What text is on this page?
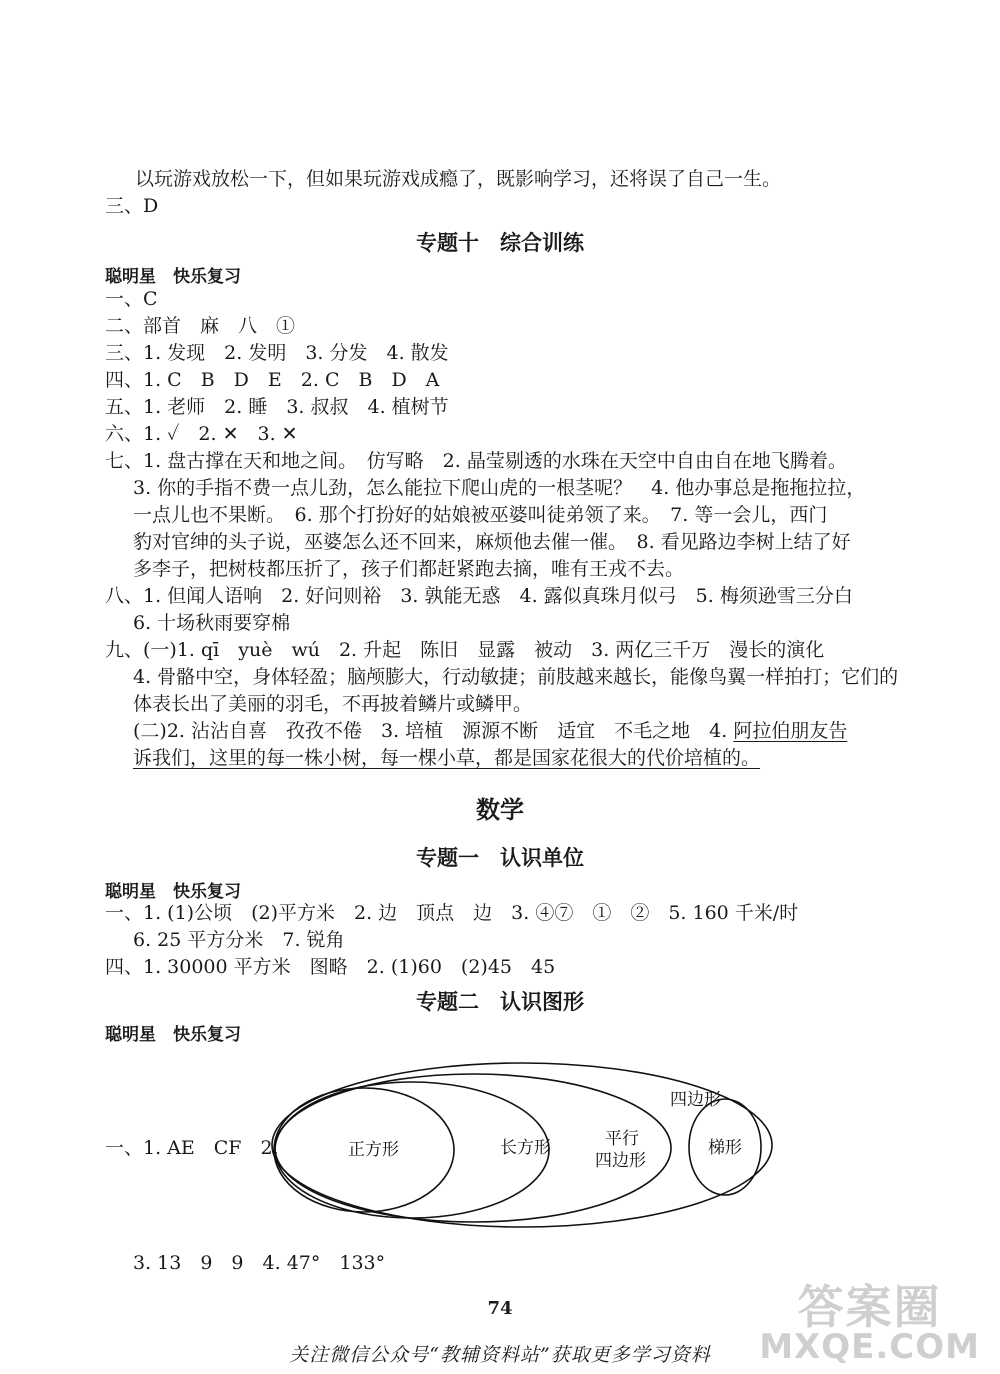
以玩游戏放松一下，但如果玩游戏成瘾了，既影响学习，还将误了自己一生。
三、D
专题十　综合训练
聪明星　快乐复习
一、C
二、部首　麻　八　①
三、1. 发现　2. 发明　3. 分发　4. 散发
四、1. C　B　D　E　2. C　B　D　A
五、1. 老师　2. 睡　3. 叔叔　4. 植树节
六、1. ✓　2. ✕　3. ✕
七、1. 盘古撑在天和地之间。　仿写略　2. 晶莹剔透的水珠在天空中自由自在地飞腾着。
3. 你的手指不费一点儿劲，怎么能拉下爬山虎的一根茎呢？　4. 他办事总是拖拖拉拉，
一点儿也不果断。　6. 那个打扮好的姑娘被巫婆叫徒弟领了来。　7. 等一会儿，西门
豹对官绅的头子说，巫婆怎么还不回来，麻烦他去催一催。　8. 看见路边李树上结了好
多李子，把树枝都压折了，孩子们都赶紧跑去摘，唯有王戎不去。
八、1. 但闻人语响　2. 好问则裕　3. 孰能无惑　4. 露似真珠月似弓　5. 梅须逊雪三分白
6. 十场秋雨要穿棉
九、(一)1. qī　yuè　wú　2. 升起　陈旧　显露　被动　3. 两亿三千万　漫长的演化
4. 骨骼中空，身体轻盈；脑颅膨大，行动敏捷；前肢越来越长，能像鸟翼一样拍打；它们的
体表长出了美丽的羽毛，不再披着鳞片或鳞甲。
(二)2. 沾沾自喜　孜孜不倦　3. 培植　源源不断　适宜　不毛之地　4. 阿拉伯朋友告
诉我们，这里的每一株小树，每一棵小草，都是国家花很大的代价培植的。
数学
专题一　认识单位
聪明星　快乐复习
一、1. (1)公顷　(2)平方米　2. 边　顶点　边　3. ④⑦　①　②　5. 160 千米/时
6. 25 平方分米　7. 锐角
四、1. 30000 平方米　图略　2. (1)60　(2)45　45
专题二　认识图形
聪明星　快乐复习
一、1. AE　CF　2.
四边形
正方形	长方形	平行
四边形
梯形
3. 13　9　9　4. 47°　133°
74
关注微信公众号“教辅资料站”获取更多学习资料
答案圈
MXQE.COM
